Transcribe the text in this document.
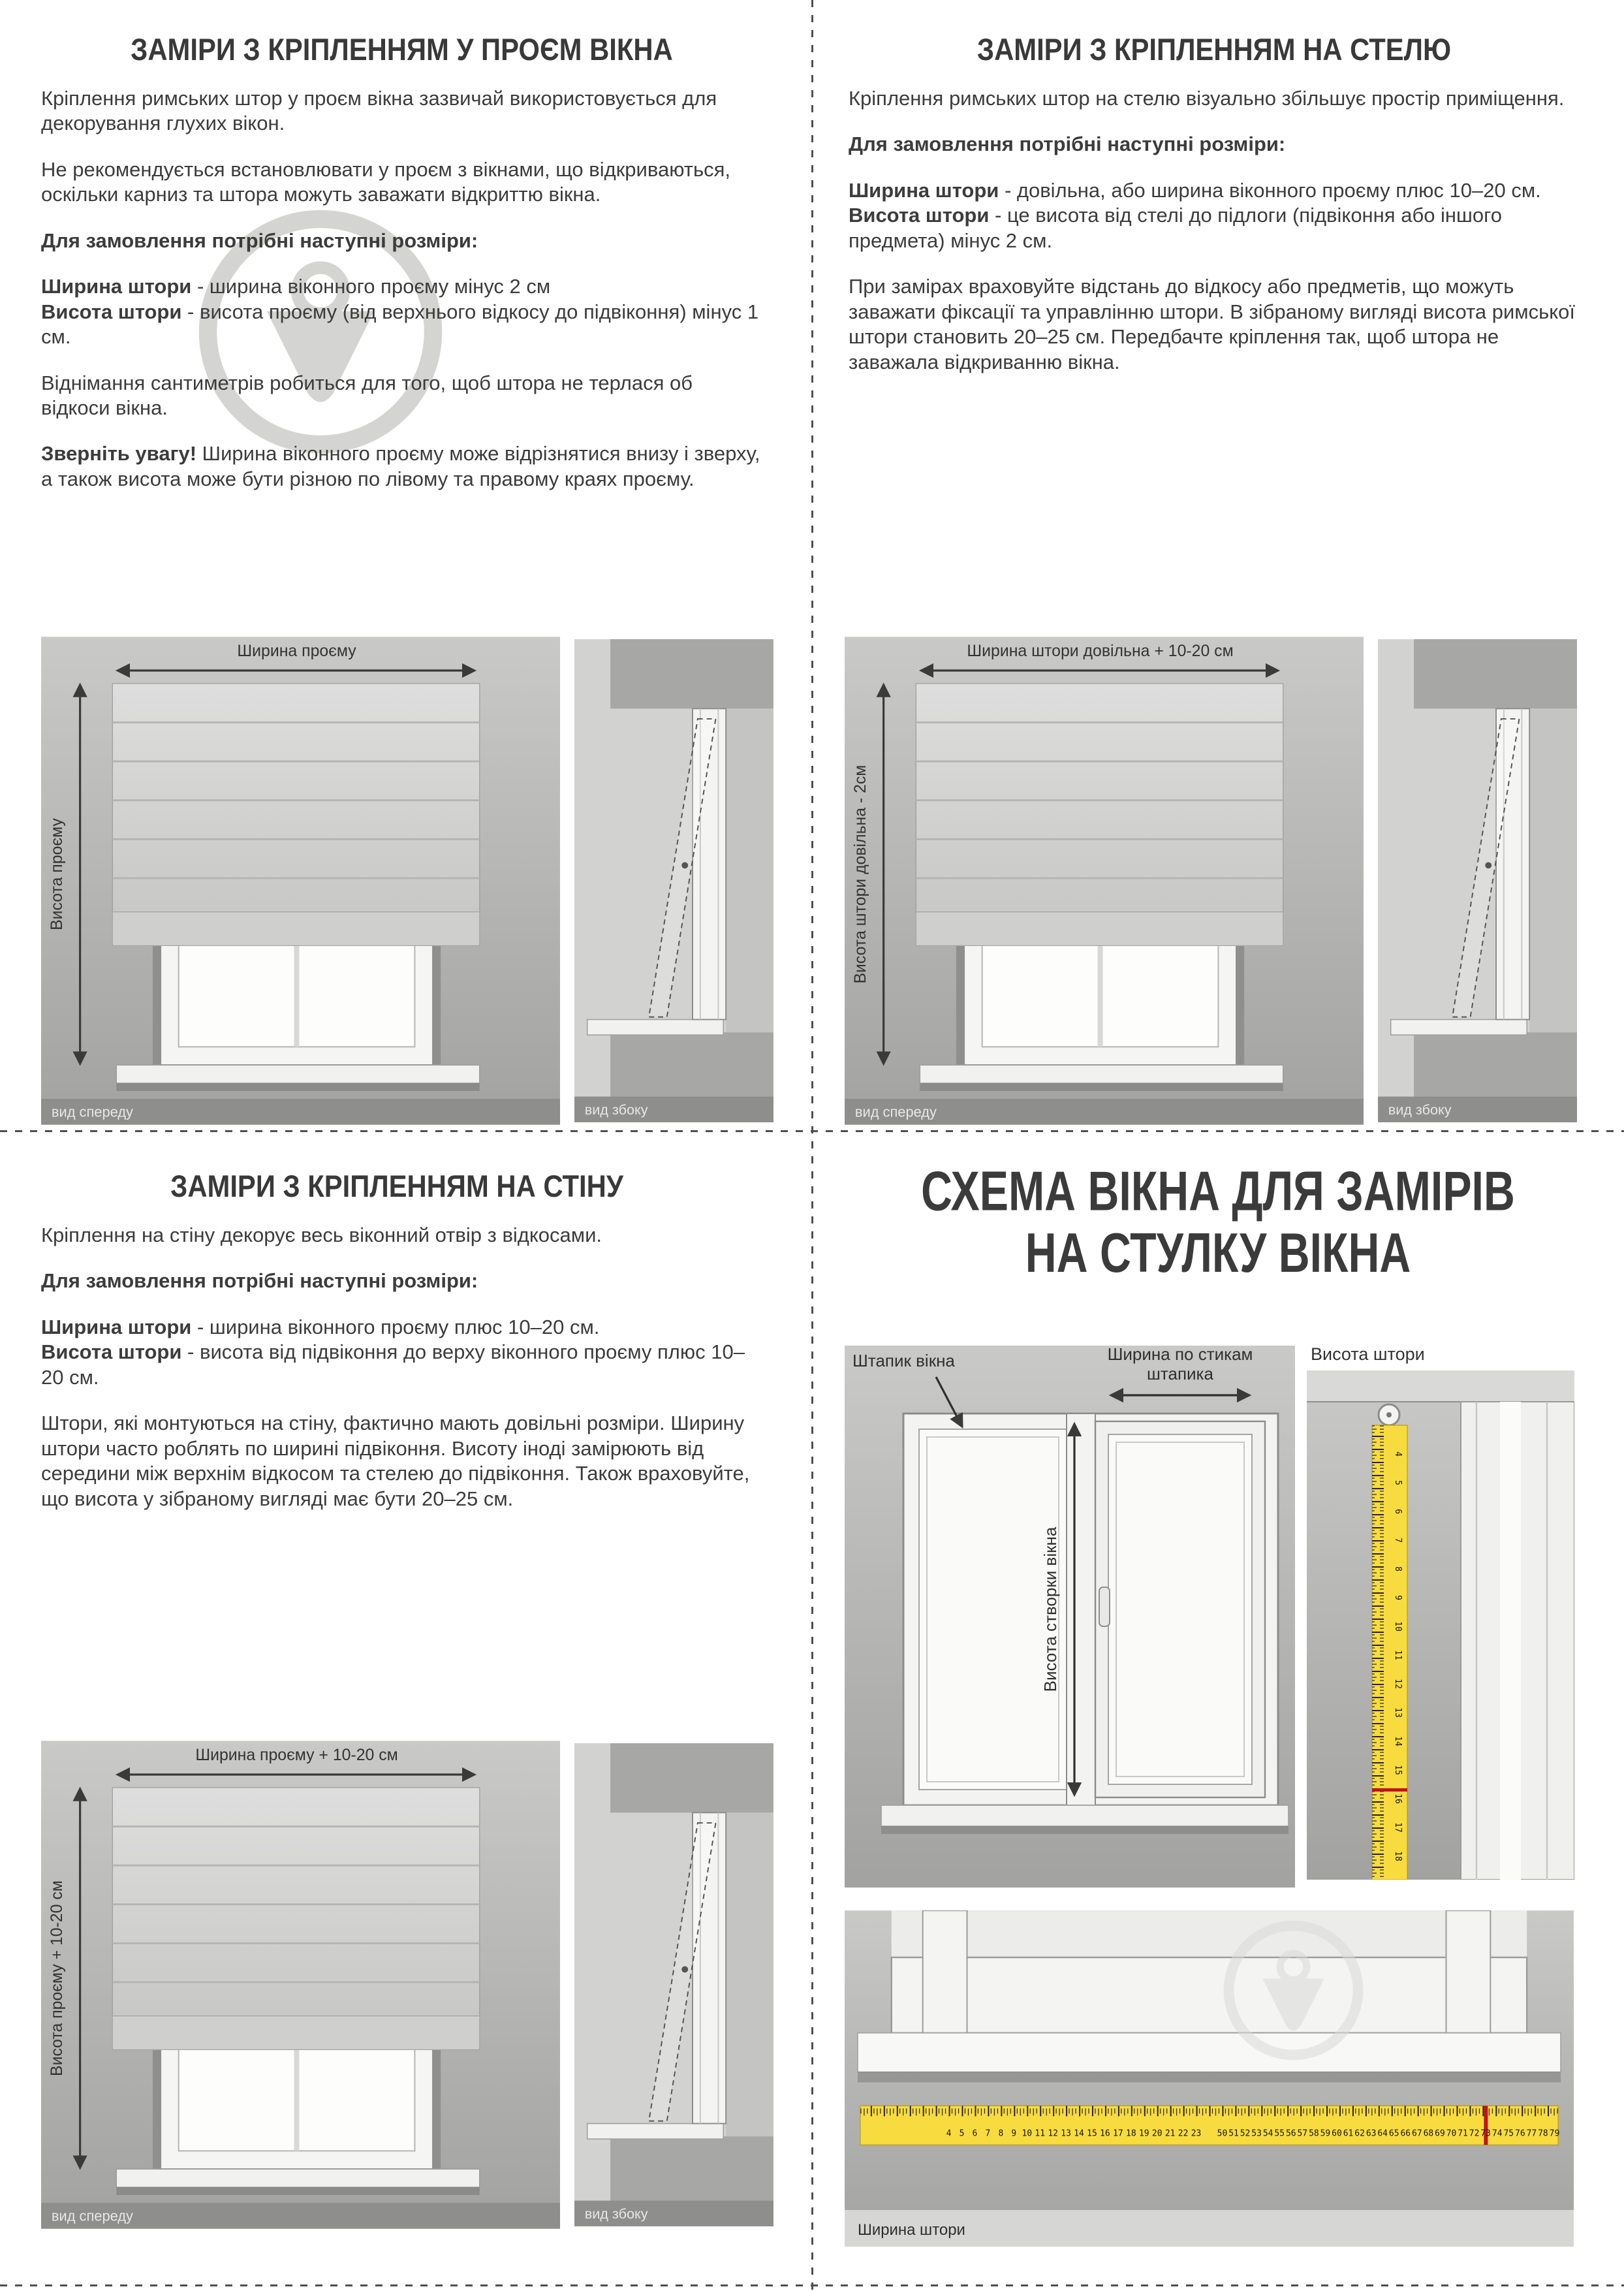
ЗАМІРИ З КРІПЛЕННЯМ У ПРОЄМ ВІКНА

Кріплення римських штор у проєм вікна зазвичай використовується для декорування глухих вікон.

Не рекомендується встановлювати у проєм з вікнами, що відкриваються, оскільки карниз та штора можуть заважати відкриттю вікна.

Для замовлення потрібні наступні розміри:

Ширина штори - ширина віконного проєму мінус 2 см
Висота штори - висота проєму (від верхнього відкосу до підвіконня) мінус 1 см.

Віднімання сантиметрів робиться для того, щоб штора не терлася об відкоси вікна.

Зверніть увагу! Ширина віконного проєму може відрізнятися внизу і зверху, а також висота може бути різною по лівому та правому краях проєму.

Ширина проєму
Висота проєму
вид спереду	вид збоку
ЗАМІРИ З КРІПЛЕННЯМ НА СТЕЛЮ

Кріплення римських штор на стелю візуально збільшує простір приміщення.

Для замовлення потрібні наступні розміри:

Ширина штори - довільна, або ширина віконного проєму плюс 10–20 см.
Висота штори - це висота від стелі до підлоги (підвіконня або іншого предмета) мінус 2 см.

При замірах враховуйте відстань до відкосу або предметів, що можуть заважати фіксації та управлінню штори. В зібраному вигляді висота римської штори становить 20–25 см. Передбачте кріплення так, щоб штора не заважала відкриванню вікна.

Ширина штори довільна + 10-20 см
Висота штори довільна - 2см
вид спереду	вид збоку
ЗАМІРИ З КРІПЛЕННЯМ НА СТІНУ

Кріплення на стіну декорує весь віконний отвір з відкосами.

Для замовлення потрібні наступні розміри:

Ширина штори - ширина віконного проєму плюс 10–20 см.
Висота штори - висота від підвіконня до верху віконного проєму плюс 10–20 см.

Штори, які монтуються на стіну, фактично мають довільні розміри. Ширину штори часто роблять по ширині підвіконня. Висоту іноді замірюють від середини між верхнім відкосом та стелею до підвіконня. Також враховуйте, що висота у зібраному вигляді має бути 20–25 см.

Ширина проєму + 10-20 см
Висота проєму + 10-20 см
вид спереду	вид збоку
СХЕМА ВІКНА ДЛЯ ЗАМІРІВ
НА СТУЛКУ ВІКНА
Штапик вікна	Ширина по стикам
штапика
Висота створки вікна
Висота штори
4
5
6
7
8
9
10
11
12
13
14
15
16
17
18
4 5 6 7 8 9 10 11 12 13 14 15 16 17 18 19 20 21 22 23	50 51 52 53 54 55 56 57 58 59 60 61 62 63 64 65 66 67 68 69 70 71 72 73 74 75 76 77 78 79
Ширина штори
